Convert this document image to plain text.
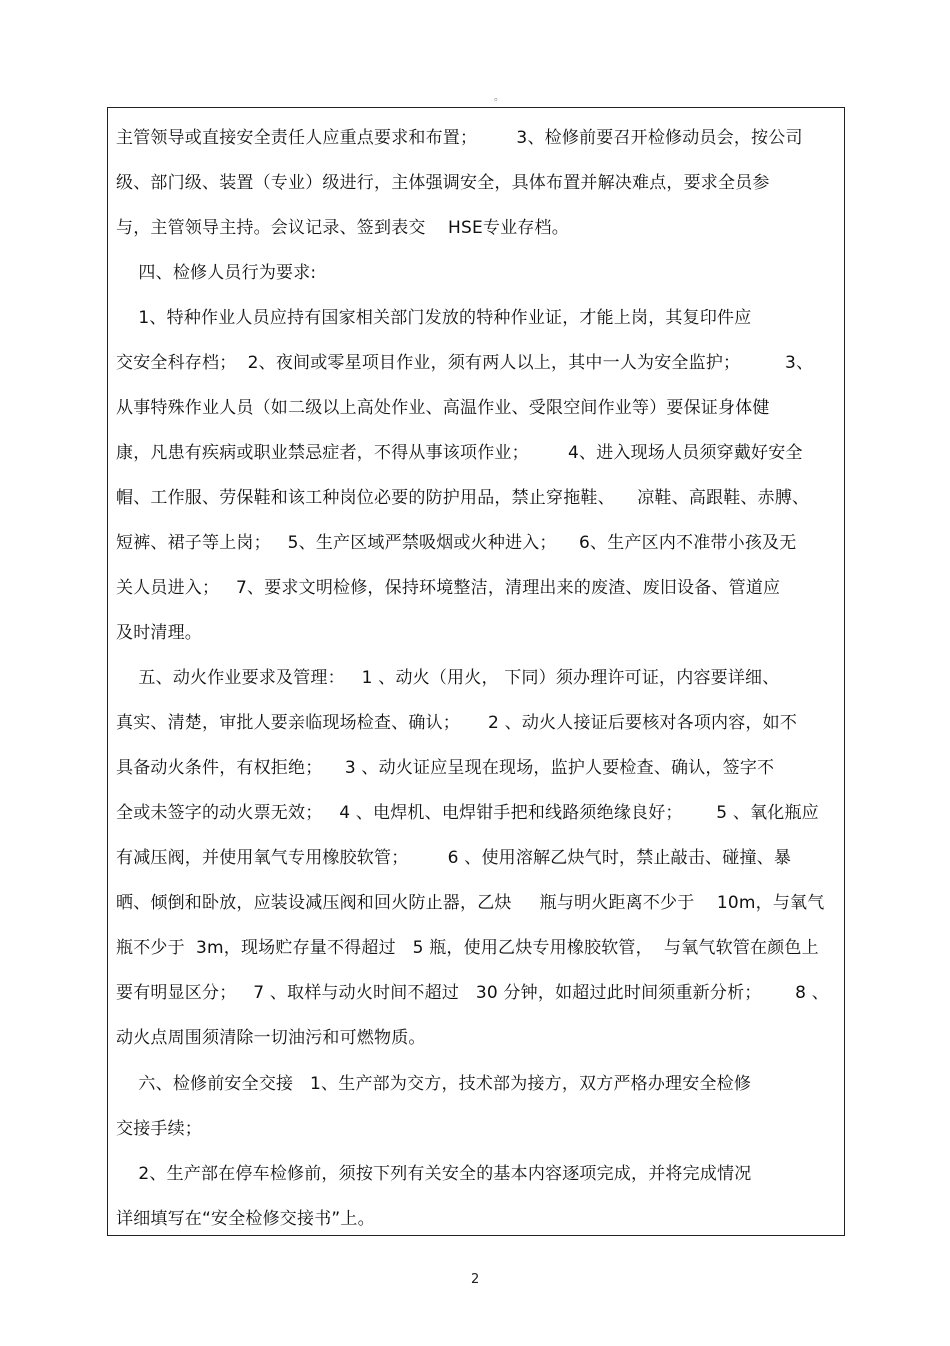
。
主管领导或直接安全责任人应重点要求和布置；       3、检修前要召开检修动员会，按公司
级、部门级、装置（专业）级进行，主体强调安全，具体布置并解决难点，要求全员参
与，主管领导主持。会议记录、签到表交    HSE专业存档。
四、检修人员行为要求:
1、特种作业人员应持有国家相关部门发放的特种作业证，才能上岗，其复印件应
交安全科存档；  2、夜间或零星项目作业，须有两人以上，其中一人为安全监护；        3、
从事特殊作业人员（如二级以上高处作业、高温作业、受限空间作业等）要保证身体健
康，凡患有疾病或职业禁忌症者，不得从事该项作业；       4、进入现场人员须穿戴好安全
帽、工作服、劳保鞋和该工种岗位必要的防护用品，禁止穿拖鞋、    凉鞋、高跟鞋、赤膊、
短裤、裙子等上岗；   5、生产区域严禁吸烟或火种进入；    6、生产区内不准带小孩及无
关人员进入；   7、要求文明检修，保持环境整洁，清理出来的废渣、废旧设备、管道应
及时清理。
五、动火作业要求及管理：   1 、动火（用火， 下同）须办理许可证，内容要详细、
真实、清楚，审批人要亲临现场检查、确认；     2 、动火人接证后要核对各项内容，如不
具备动火条件，有权拒绝；    3 、动火证应呈现在现场，监护人要检查、确认，签字不
全或未签字的动火票无效；   4 、电焊机、电焊钳手把和线路须绝缘良好；      5 、氧化瓶应
有减压阀，并使用氧气专用橡胶软管；       6 、使用溶解乙炔气时，禁止敲击、碰撞、暴
晒、倾倒和卧放，应装设减压阀和回火防止器，乙炔     瓶与明火距离不少于    10m，与氧气
瓶不少于  3m，现场贮存量不得超过   5 瓶，使用乙炔专用橡胶软管，  与氧气软管在颜色上
要有明显区分；   7 、取样与动火时间不超过   30 分钟，如超过此时间须重新分析；      8 、
动火点周围须清除一切油污和可燃物质。
六、检修前安全交接   1、生产部为交方，技术部为接方，双方严格办理安全检修
交接手续；
2、生产部在停车检修前，须按下列有关安全的基本内容逐项完成，并将完成情况
详细填写在“安全检修交接书”上。
2
